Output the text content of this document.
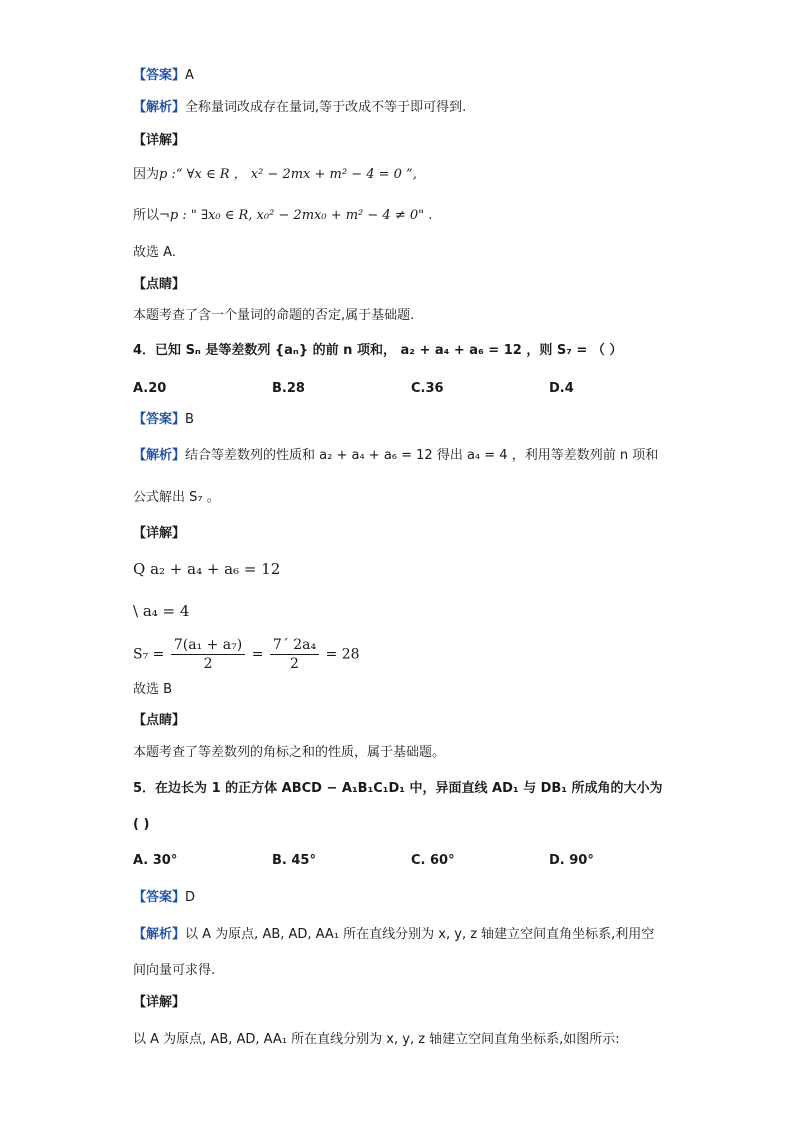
【答案】A
【解析】全称量词改成存在量词,等于改成不等于即可得到.
【详解】
因为p :“ ∀x ∈ R ， x² − 2mx + m² − 4 = 0 ”,
所以¬p : " ∃x₀ ∈ R, x₀² − 2mx₀ + m² − 4 ≠ 0" .
故选 A.
【点睛】
本题考查了含一个量词的命题的否定,属于基础题.
4．已知 Sₙ 是等差数列 {aₙ} 的前 n 项和， a₂ + a₄ + a₆ = 12 ，则 S₇ = （ ）
A.20	B.28	C.36	D.4
【答案】B
【解析】结合等差数列的性质和 a₂ + a₄ + a₆ = 12 得出 a₄ = 4 ，利用等差数列前 n 项和
公式解出 S₇ 。
【详解】
Q a₂ + a₄ + a₆ = 12
\ a₄ = 4
$S_7 = \frac{\text{7(a₁ + a₇)}}{2} = \frac{\text{7´ 2a₄}}{2} = 28$
故选 B
【点睛】
本题考查了等差数列的角标之和的性质，属于基础题。
5．在边长为 1 的正方体 ABCD − A₁B₁C₁D₁ 中，异面直线 AD₁ 与 DB₁ 所成角的大小为
( )
A. 30°	B. 45°	C. 60°	D. 90°
【答案】D
【解析】以 A 为原点, AB, AD, AA₁ 所在直线分别为 x, y, z 轴建立空间直角坐标系,利用空
间向量可求得.
【详解】
以 A 为原点, AB, AD, AA₁ 所在直线分别为 x, y, z 轴建立空间直角坐标系,如图所示:
